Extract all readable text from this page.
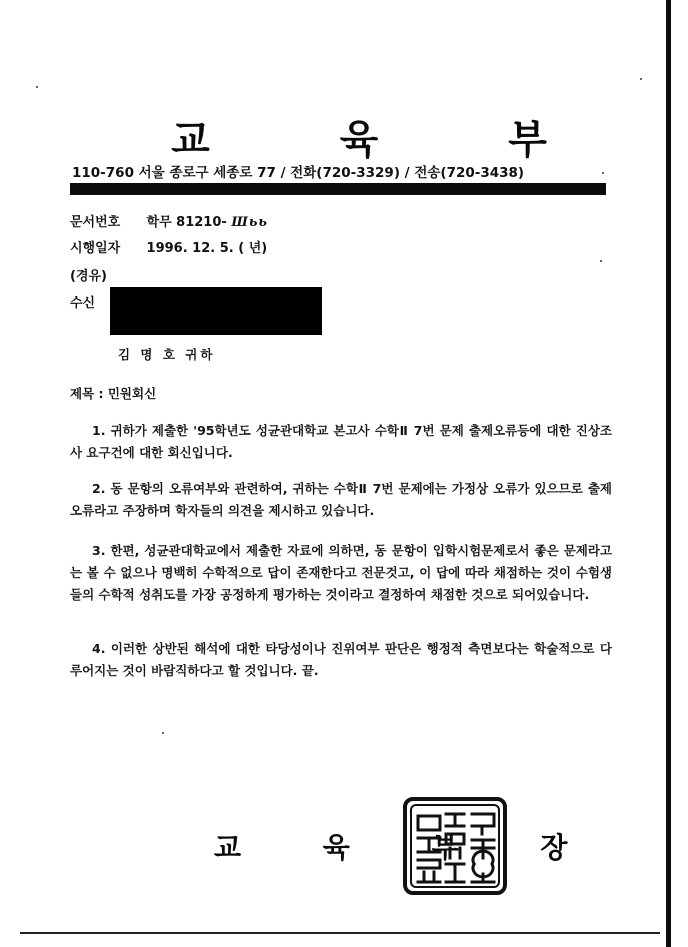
교 육 부
110-760 서울 종로구 세종로 77 / 전화(720-3329) / 전송(720-3438)
문서번호 학무 81210- Шьь
시행일자 1996. 12. 5. ( 년)
(경유)
수신
김 명 호 귀하
제목 : 민원회신

1. 귀하가 제출한 '95학년도 성균관대학교 본고사 수학Ⅱ 7번 문제 출제오류등에 대한 진상조사 요구건에 대한 회신입니다.

2. 동 문항의 오류여부와 관련하여, 귀하는 수학Ⅱ 7번 문제에는 가정상 오류가 있으므로 출제오류라고 주장하며 학자들의 의견을 제시하고 있습니다.

3. 한편, 성균관대학교에서 제출한 자료에 의하면, 동 문항이 입학시험문제로서 좋은 문제라고는 볼 수 없으나 명백히 수학적으로 답이 존재한다고 전문것고, 이 답에 따라 채점하는 것이 수험생들의 수학적 성취도를 가장 공정하게 평가하는 것이라고 결정하여 채점한 것으로 되어있습니다.

4. 이러한 상반된 해석에 대한 타당성이나 진위여부 판단은 행정적 측면보다는 학술적으로 다루어지는 것이 바람직하다고 할 것입니다. 끝.

교 육 부 장
